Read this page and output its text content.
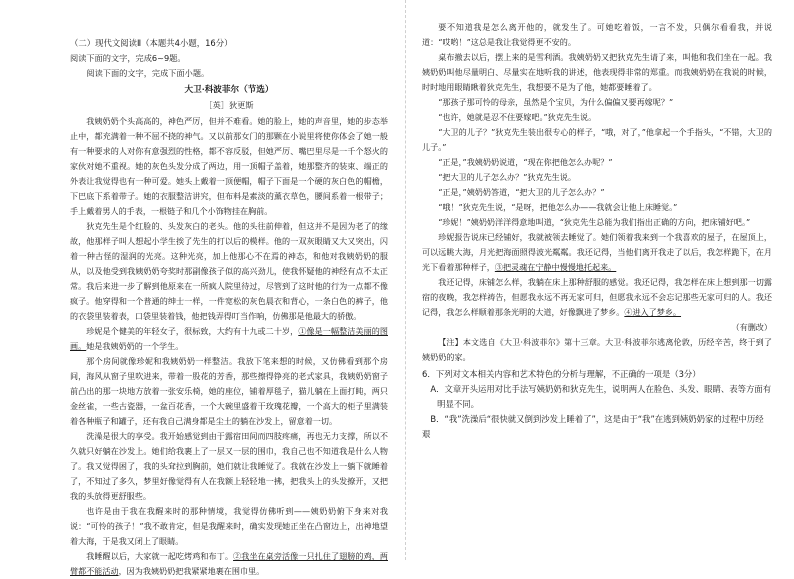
（二）现代文阅读Ⅱ（本题共4小题，16分）

阅读下面的文字，完成6~9题。

阅读下面的文字，完成下面小题。

大卫·科波菲尔（节选）

［英］狄更斯

我姨奶奶个头高高的，神色严厉，但并不难看。她的脸上，她的声音里，她的步态举止中，都充满着一种不屈不挠的神气。又以前那女门的那颗在小说里将使你体会了她一般有一种要求的人对你有意强烈的性格，都不容反驳，但她严厉、嘴巴里尽是一千个怒火的家伙对她不重视。她的灰色头发分成了两边，用一顶帽子盖着，她那整齐的装束、端正的外表让我觉得也有一种可爱。她头上戴着一顶便帽，帽子下面是一个硬的灰白色的帽檐，下巴底下系着带子。她的衣服整洁讲究，但布料是素淡的薰衣草色，腰间系着一根带子；手上戴着男人的手表，一根链子和几个小饰物挂在胸前。

狄克先生是个红脸的、头发灰白的老头。他的头往前伸着，但这并不是因为老了的缘故，他那样子叫人想起小学生挨了先生的打以后的模样。他的一双灰眼睛又大又突出，闪着一种古怪的湿润的光亮。这种光亮，加上他那心不在焉的神态，和他对我姨奶奶的服从，以及他受到我姨奶奶夸奖时那副像孩子似的高兴劲儿，使我怀疑他的神经有点不太正常。我后来进一步了解到他原来在一所疯人院里待过，尽管到了这时他的行为一点都不像疯子。他穿得和一个普通的绅士一样，一件宽松的灰色晨衣和背心，一条白色的裤子，他的衣袋里装着表，口袋里装着钱，他把钱弄得叮当作响，仿佛那是他最大的骄傲。

珍妮是个健美的年轻女子，很标致，大约有十九或二十岁，①像是一幅整洁美丽的图画。她是我姨奶奶的一个学生。

那个房间就像珍妮和我姨奶奶一样整洁。我放下笔来想的时候，又仿佛看到那个房间，海风从窗子里吹进来，带着一股花的芳香，那些擦得铮亮的老式家具，我姨奶奶窗子前凸出的那一块地方放着一张安乐椅，她的座位，铺着厚毯子，猫儿躺在上面打盹，两只金丝雀，一些古瓷器，一盆百花香，一个大碗里盛着干玫瑰花瓣，一个高大的柜子里满装着各种瓶子和罐子，还有我自己满身都是尘土的躺在沙发上，留意着一切。

洗澡是很大的享受。我开始感觉到由于露宿田间而四肢疼痛，再也无力支撑，所以不久就只好躺在沙发上。她们给我裹上了一层又一层的围巾，我自己也不知道我是什么人物了。我又觉得困了，我的头耷拉到胸前，她们就让我睡觉了。我就在沙发上一躺下就睡着了，不知过了多久，梦里好像觉得有人在我额上轻轻地一拂，把我头上的头发撩开，又把我的头放得更舒服些。

也许是由于我在我醒来时的那种情境，我觉得仿佛听到——姨奶奶俯下身来对我说：“可怜的孩子！”我不敢肯定，但是我醒来时，确实发现她正坐在凸窗边上，出神地望着大海，于是我又闭上了眼睛。

我睡醒以后，大家就一起吃烤鸡和布丁。②我坐在桌旁活像一只扎住了翅膀的鸡，两臂都不能活动，因为我姨奶奶把我紧紧地裹在围巾里。

要不知道我是怎么离开他的，就发生了。可她吃着饭，一言不发，只偶尔看看我，并说道：“哎哟！”这总是我让我觉得更不安的。

桌布撤去以后，摆上来的是雪利酒。我姨奶奶又把狄克先生请了来，叫他和我们坐在一起。我姨奶奶叫他尽量明白、尽量实在地听我的讲述，他表现得非常的郑重。而我姨奶奶在我说的时候，时时地用眼睛瞅着狄克先生，我想要不是为了他，她都要睡着了。

“那孩子那可怜的母亲，虽然是个宝贝，为什么偏偏又要再嫁呢？”

“也许，她就是忍不住要嫁吧。”狄克先生说。

“大卫的儿子？”狄克先生装出很专心的样子，“哦，对了，”他拿起一个手指头，“不错，大卫的儿子。”

“正是，”我姨奶奶说道，“现在你把他怎么办呢？”

“把大卫的儿子怎么办？”狄克先生说。

“正是，”姨奶奶答道，“把大卫的儿子怎么办？”

“哦！”狄克先生说，“是呀，把他怎么办——我就会让他上床睡觉。”

“珍妮！”姨奶奶洋洋得意地叫道，“狄克先生总能为我们指出正确的方向，把床铺好吧。”

珍妮报告说床已经铺好，我就被领去睡觉了。她们领着我来到一个我喜欢的屋子，在屋顶上，可以远眺大海，月光把海面照得波光粼粼。我还记得，当他们离开我走了以后，我怎样跪下，在月光下看着那种样子，③把灵魂在宁静中慢慢地托起来。

我还记得，床铺怎么样，我躺在床上那种舒服的感觉。我还记得，我怎样在床上想到那一切露宿的夜晚，我怎样祷告，但愿我永远不再无家可归，但愿我永远不会忘记那些无家可归的人。我还记得，我怎么样顺着那条光明的大道，好像飘进了梦乡。④进入了梦乡。

（有删改）

【注】本文选自《大卫·科波菲尔》第十三章。大卫·科波菲尔逃离伦敦，历经辛苦，终于到了姨奶奶的家。

6．下列对文本相关内容和艺术特色的分析与理解，不正确的一项是（3分）

A．文章开头运用对比手法写姨奶奶和狄克先生，说明两人在脸色、头发、眼睛、表等方面有

明显不同。

B．“我”洗澡后“很快就又倒到沙发上睡着了”，这是由于“我”在逃到姨奶奶家的过程中历经艰
